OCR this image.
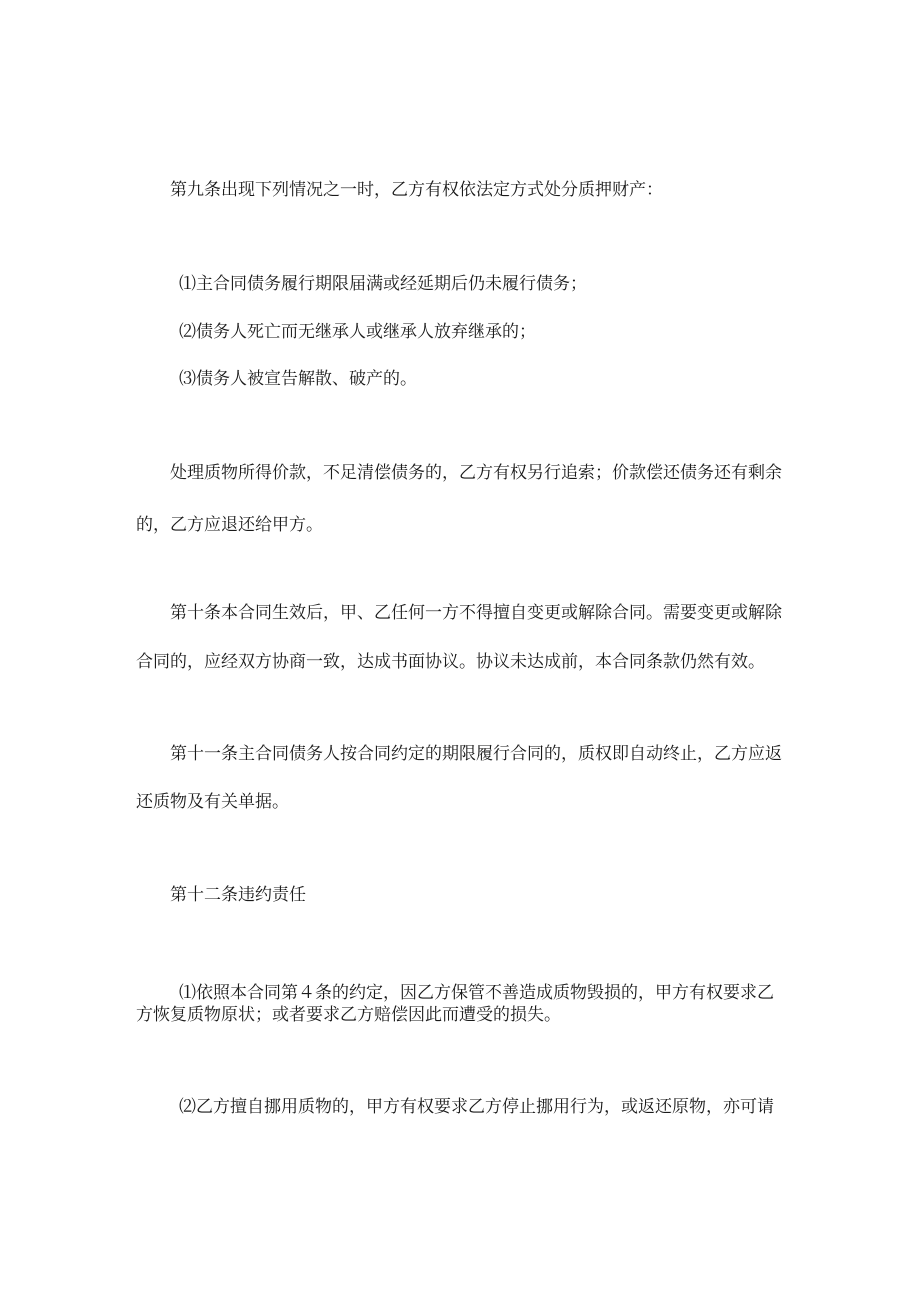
第九条出现下列情况之一时，乙方有权依法定方式处分质押财产：

⑴主合同债务履行期限届满或经延期后仍未履行债务；

⑵债务人死亡而无继承人或继承人放弃继承的；

⑶债务人被宣告解散、破产的。

处理质物所得价款，不足清偿债务的，乙方有权另行追索；价款偿还债务还有剩余

的，乙方应退还给甲方。

第十条本合同生效后，甲、乙任何一方不得擅自变更或解除合同。需要变更或解除

合同的，应经双方协商一致，达成书面协议。协议未达成前，本合同条款仍然有效。

第十一条主合同债务人按合同约定的期限履行合同的，质权即自动终止，乙方应返

还质物及有关单据。

第十二条违约责任

⑴依照本合同第４条的约定，因乙方保管不善造成质物毁损的，甲方有权要求乙

方恢复质物原状；或者要求乙方赔偿因此而遭受的损失。

⑵乙方擅自挪用质物的，甲方有权要求乙方停止挪用行为，或返还原物，亦可请
